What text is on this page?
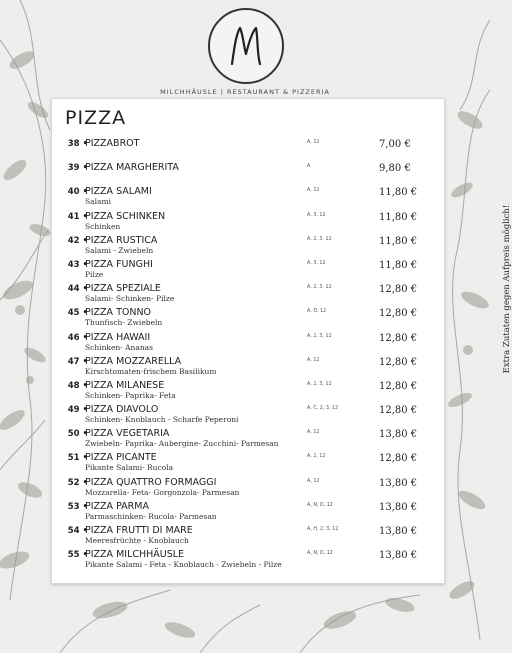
MILCHHÄUSLE | RESTAURANT & PIZZERIA
PIZZA
38 • PIZZABROT	A, 12	7,00 €
39 • PIZZA MARGHERITA	A	9,80 €
40 • PIZZA SALAMI
Salami
A, 12	11,80 €
41 • PIZZA SCHINKEN
Schinken
A, 3, 12	11,80 €
42 • PIZZA RUSTICA
Salami - Zwiebeln
A, 2, 3, 12	11,80 €
43 • PIZZA FUNGHI
Pilze
A, 3, 12	11,80 €
44 • PIZZA SPEZIALE
Salami- Schinken- Pilze
A, 2, 3, 12	12,80 €
45 • PIZZA TONNO
Thunfisch- Zwiebeln
A, D, 12	12,80 €
46 • PIZZA HAWAII
Schinken- Ananas
A, 2, 3, 12	12,80 €
47 • PIZZA MOZZARELLA
Kirschtomaten-frischem Basilikum
A, 12	12,80 €
48 • PIZZA MILANESE
Schinken- Paprika- Feta
A, 2, 3, 12	12,80 €
49 • PIZZA DIAVOLO
Schinken- Knoblauch - Scharfe Peperoni
A, C, 2, 3, 12	12,80 €
50 • PIZZA VEGETARIA
Zwiebeln- Paprika- Aubergine- Zucchini- Parmesan
A, 12	13,80 €
51 • PIZZA PICANTE
Pikante Salami- Rucola
A, 2, 12	12,80 €
52 • PIZZA QUATTRO FORMAGGI
Mozzarella- Feta- Gorgonzola- Parmesan
A, 12	13,80 €
53 • PIZZA PARMA
Parmaschinken- Rucola- Parmesan
A, N, D, 12	13,80 €
54 • PIZZA FRUTTI DI MARE
Meeresfrüchte - Knoblauch
A, H, 2, 3, 12	13,80 €
55 • PIZZA MILCHHÄUSLE
Pikante Salami - Feta - Knoblauch - Zwiebeln - Pilze
A, N, D, 12	13,80 €
Extra Zutaten gegen Aufpreis möglich!
